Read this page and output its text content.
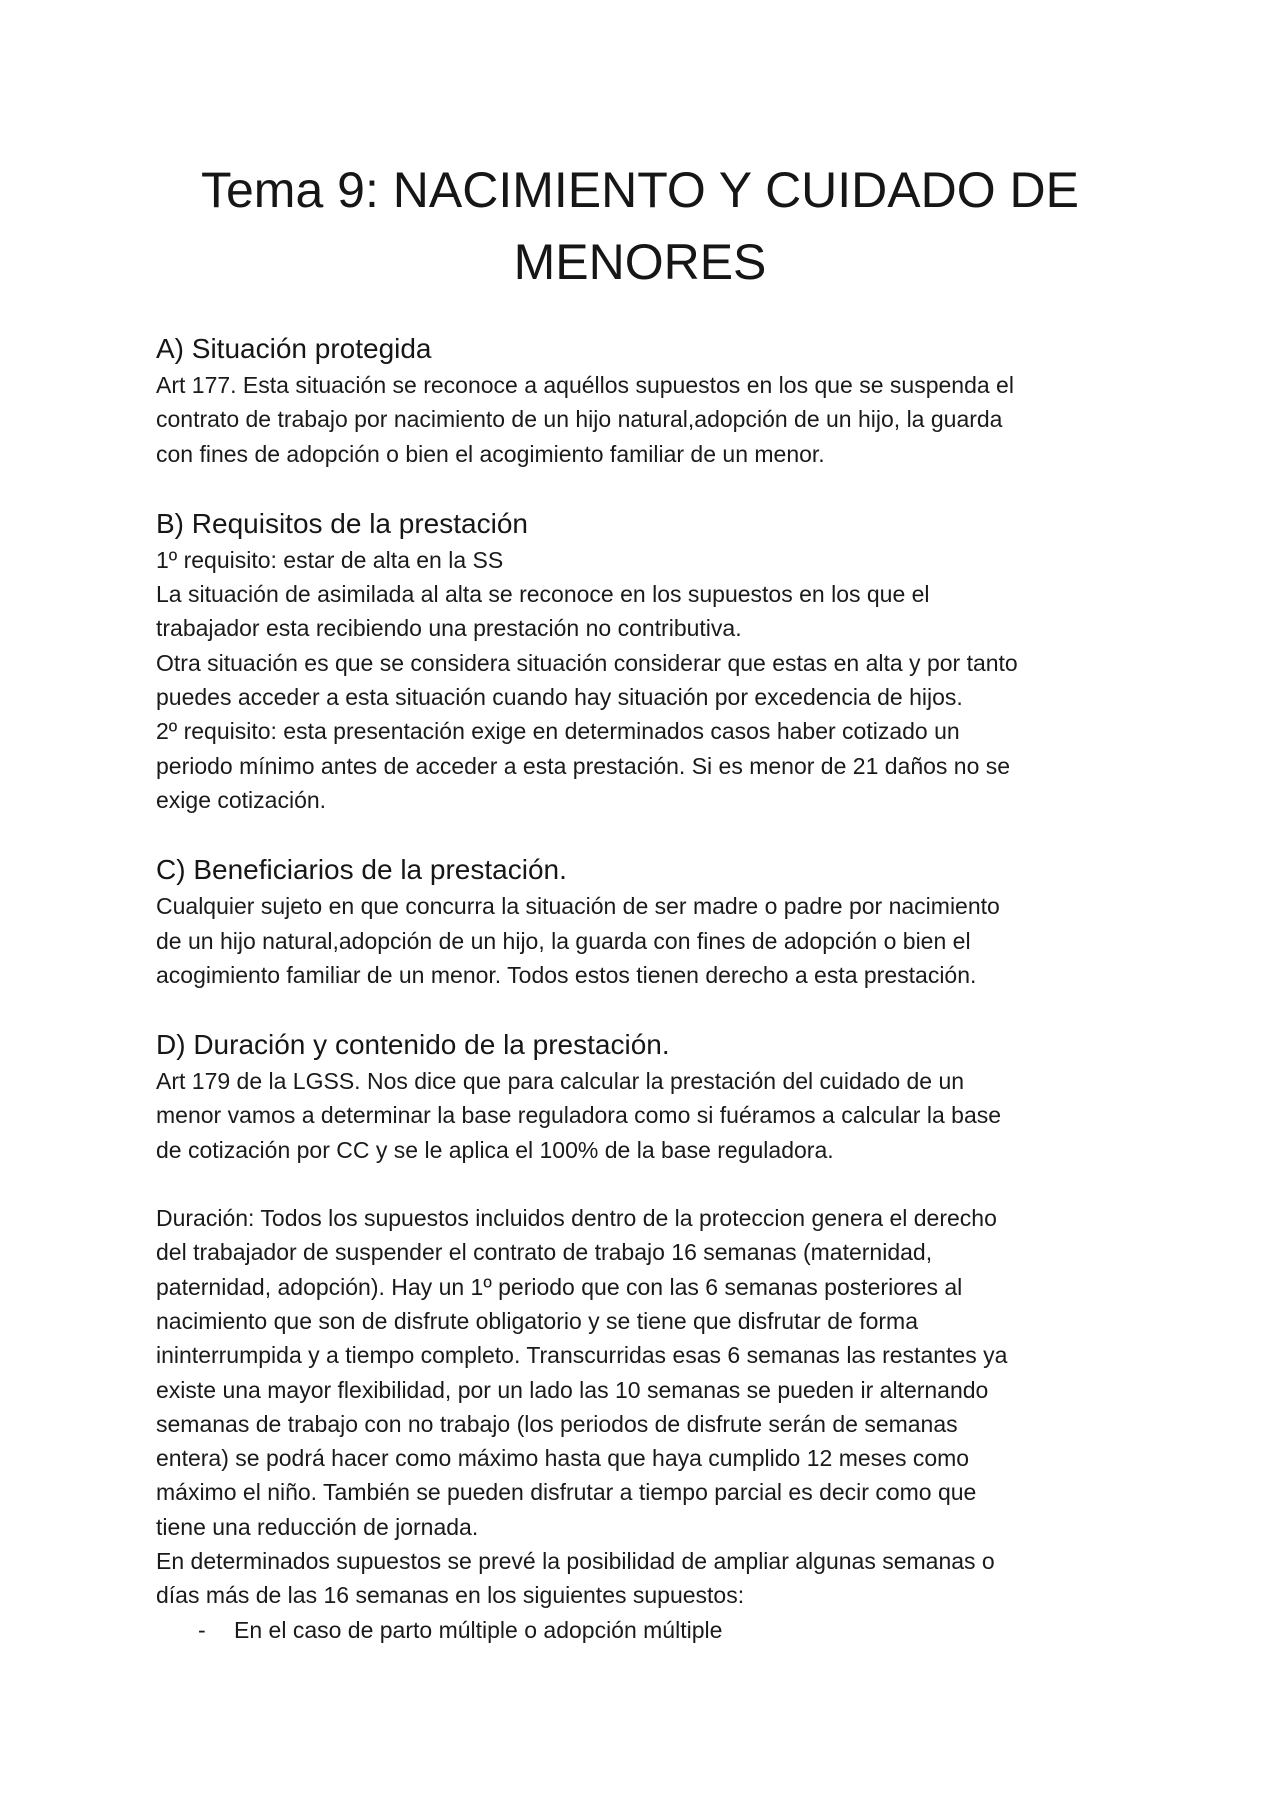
Tema 9: NACIMIENTO Y CUIDADO DE
MENORES
A) Situación protegida

Art 177. Esta situación se reconoce a aquéllos supuestos en los que se suspenda el
contrato de trabajo por nacimiento de un hijo natural,adopción de un hijo, la guarda
con fines de adopción o bien el acogimiento familiar de un menor.

B) Requisitos de la prestación

1º requisito: estar de alta en la SS
La situación de asimilada al alta se reconoce en los supuestos en los que el
trabajador esta recibiendo una prestación no contributiva.
Otra situación es que se considera situación considerar que estas en alta y por tanto
puedes acceder a esta situación cuando hay situación por excedencia de hijos.
2º requisito: esta presentación exige en determinados casos haber cotizado un
periodo mínimo antes de acceder a esta prestación. Si es menor de 21 daños no se
exige cotización.

C) Beneficiarios de la prestación.

Cualquier sujeto en que concurra la situación de ser madre o padre por nacimiento
de un hijo natural,adopción de un hijo, la guarda con fines de adopción o bien el
acogimiento familiar de un menor. Todos estos tienen derecho a esta prestación.

D) Duración y contenido de la prestación.

Art 179 de la LGSS. Nos dice que para calcular la prestación del cuidado de un
menor vamos a determinar la base reguladora como si fuéramos a calcular la base
de cotización por CC y se le aplica el 100% de la base reguladora.

Duración: Todos los supuestos incluidos dentro de la proteccion genera el derecho
del trabajador de suspender el contrato de trabajo 16 semanas (maternidad,
paternidad, adopción). Hay un 1º periodo que con las 6 semanas posteriores al
nacimiento que son de disfrute obligatorio y se tiene que disfrutar de forma
ininterrumpida y a tiempo completo. Transcurridas esas 6 semanas las restantes ya
existe una mayor flexibilidad, por un lado las 10 semanas se pueden ir alternando
semanas de trabajo con no trabajo (los periodos de disfrute serán de semanas
entera) se podrá hacer como máximo hasta que haya cumplido 12 meses como
máximo el niño. También se pueden disfrutar a tiempo parcial es decir como que
tiene una reducción de jornada.
En determinados supuestos se prevé la posibilidad de ampliar algunas semanas o
días más de las 16 semanas en los siguientes supuestos:

- En el caso de parto múltiple o adopción múltiple
